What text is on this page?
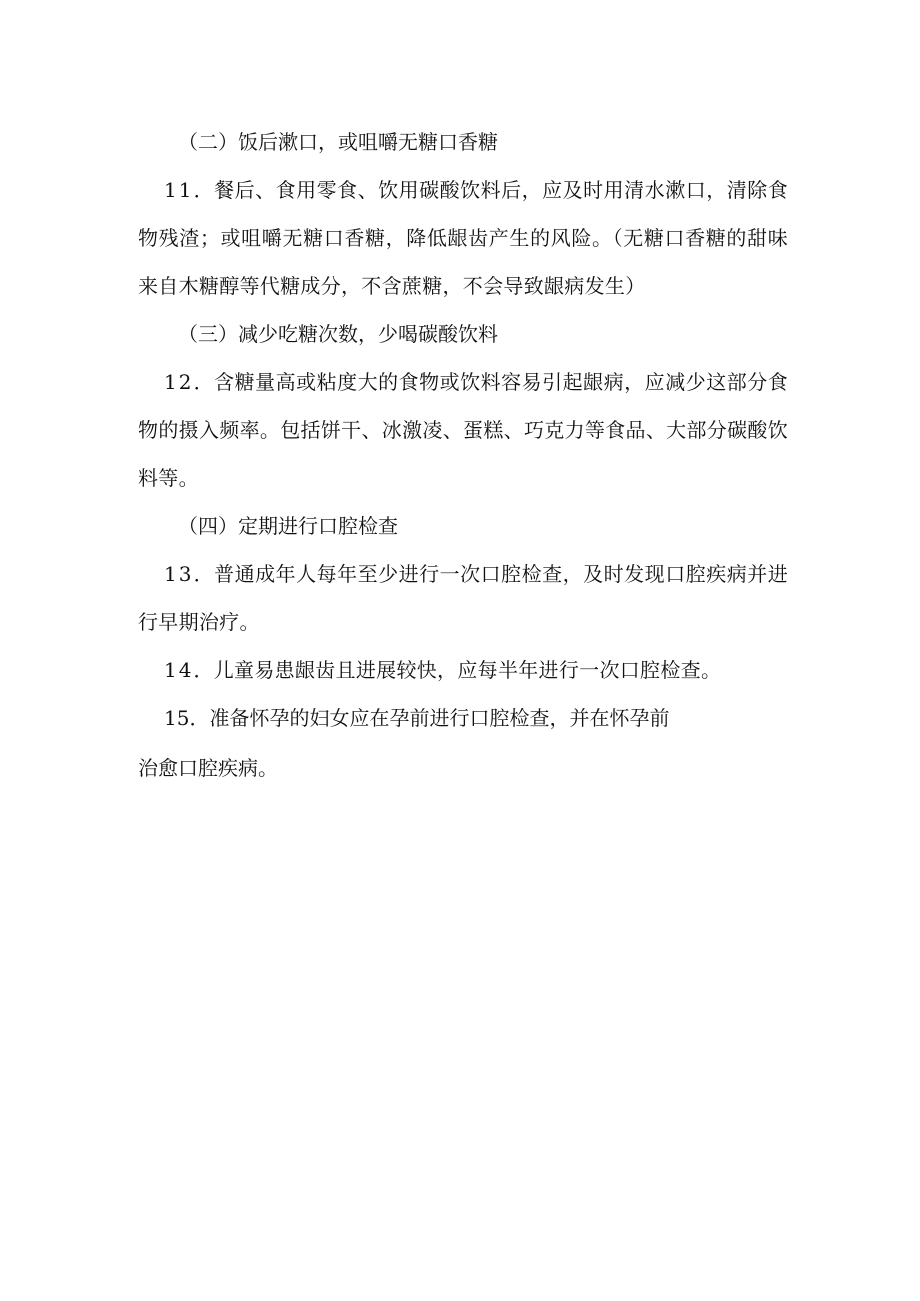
（二）饭后漱口，或咀嚼无糖口香糖
11．餐后、食用零食、饮用碳酸饮料后，应及时用清水漱口，清除食物残渣；或咀嚼无糖口香糖，降低龈齿产生的风险。（无糖口香糖的甜味来自木糖醇等代糖成分，不含蔗糖，不会导致龈病发生）
（三）减少吃糖次数，少喝碳酸饮料
12．含糖量高或粘度大的食物或饮料容易引起龈病，应减少这部分食物的摄入频率。包括饼干、冰激凌、蛋糕、巧克力等食品、大部分碳酸饮料等。
（四）定期进行口腔检查
13．普通成年人每年至少进行一次口腔检查，及时发现口腔疾病并进行早期治疗。
14．儿童易患龈齿且进展较快，应每半年进行一次口腔检查。
15．准备怀孕的妇女应在孕前进行口腔检查，并在怀孕前
治愈口腔疾病。
